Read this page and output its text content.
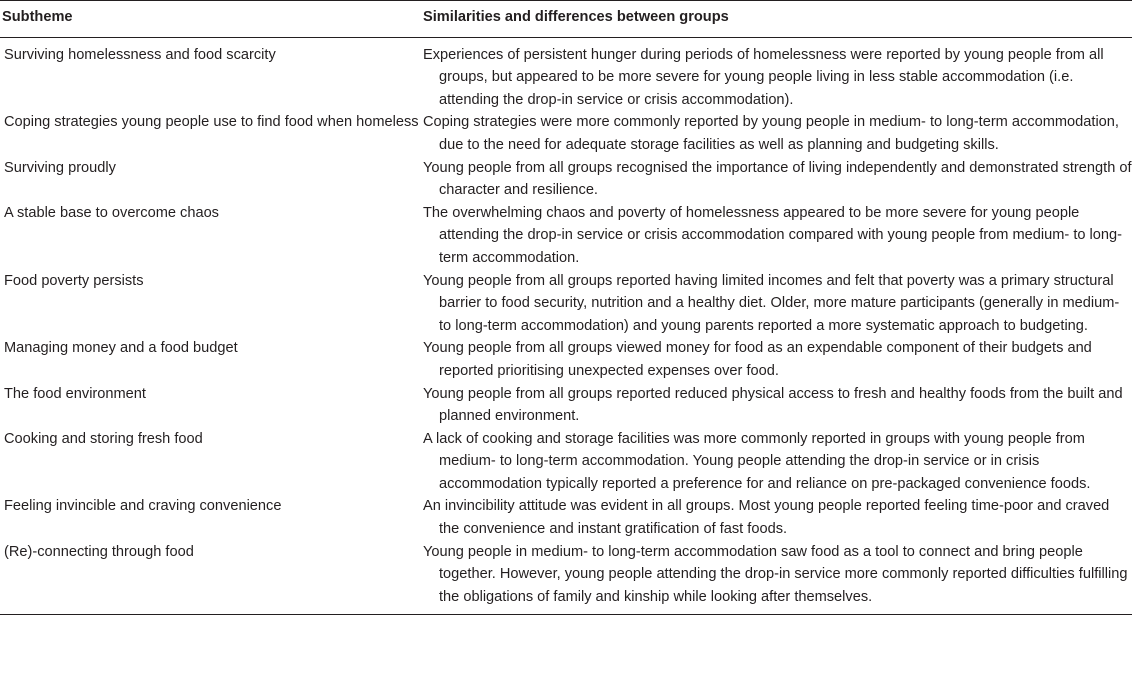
Subtheme	Similarities and differences between groups

Surviving homelessness and food scarcity	Experiences of persistent hunger during periods of homelessness were reported by young people from all groups, but appeared to be more severe for young people living in less stable accommodation (i.e. attending the drop-in service or crisis accommodation).

Coping strategies young people use to find food when homeless	Coping strategies were more commonly reported by young people in medium- to long-term accommodation, due to the need for adequate storage facilities as well as planning and budgeting skills.

Surviving proudly	Young people from all groups recognised the importance of living independently and demonstrated strength of character and resilience.

A stable base to overcome chaos	The overwhelming chaos and poverty of homelessness appeared to be more severe for young people attending the drop-in service or crisis accommodation compared with young people from medium- to long-term accommodation.

Food poverty persists	Young people from all groups reported having limited incomes and felt that poverty was a primary structural barrier to food security, nutrition and a healthy diet. Older, more mature participants (generally in medium- to long-term accommodation) and young parents reported a more systematic approach to budgeting.

Managing money and a food budget	Young people from all groups viewed money for food as an expendable component of their budgets and reported prioritising unexpected expenses over food.

The food environment	Young people from all groups reported reduced physical access to fresh and healthy foods from the built and planned environment.

Cooking and storing fresh food	A lack of cooking and storage facilities was more commonly reported in groups with young people from medium- to long-term accommodation. Young people attending the drop-in service or in crisis accommodation typically reported a preference for and reliance on pre-packaged convenience foods.

Feeling invincible and craving convenience	An invincibility attitude was evident in all groups. Most young people reported feeling time-poor and craved the convenience and instant gratification of fast foods.

(Re)-connecting through food	Young people in medium- to long-term accommodation saw food as a tool to connect and bring people together. However, young people attending the drop-in service more commonly reported difficulties fulfilling the obligations of family and kinship while looking after themselves.
